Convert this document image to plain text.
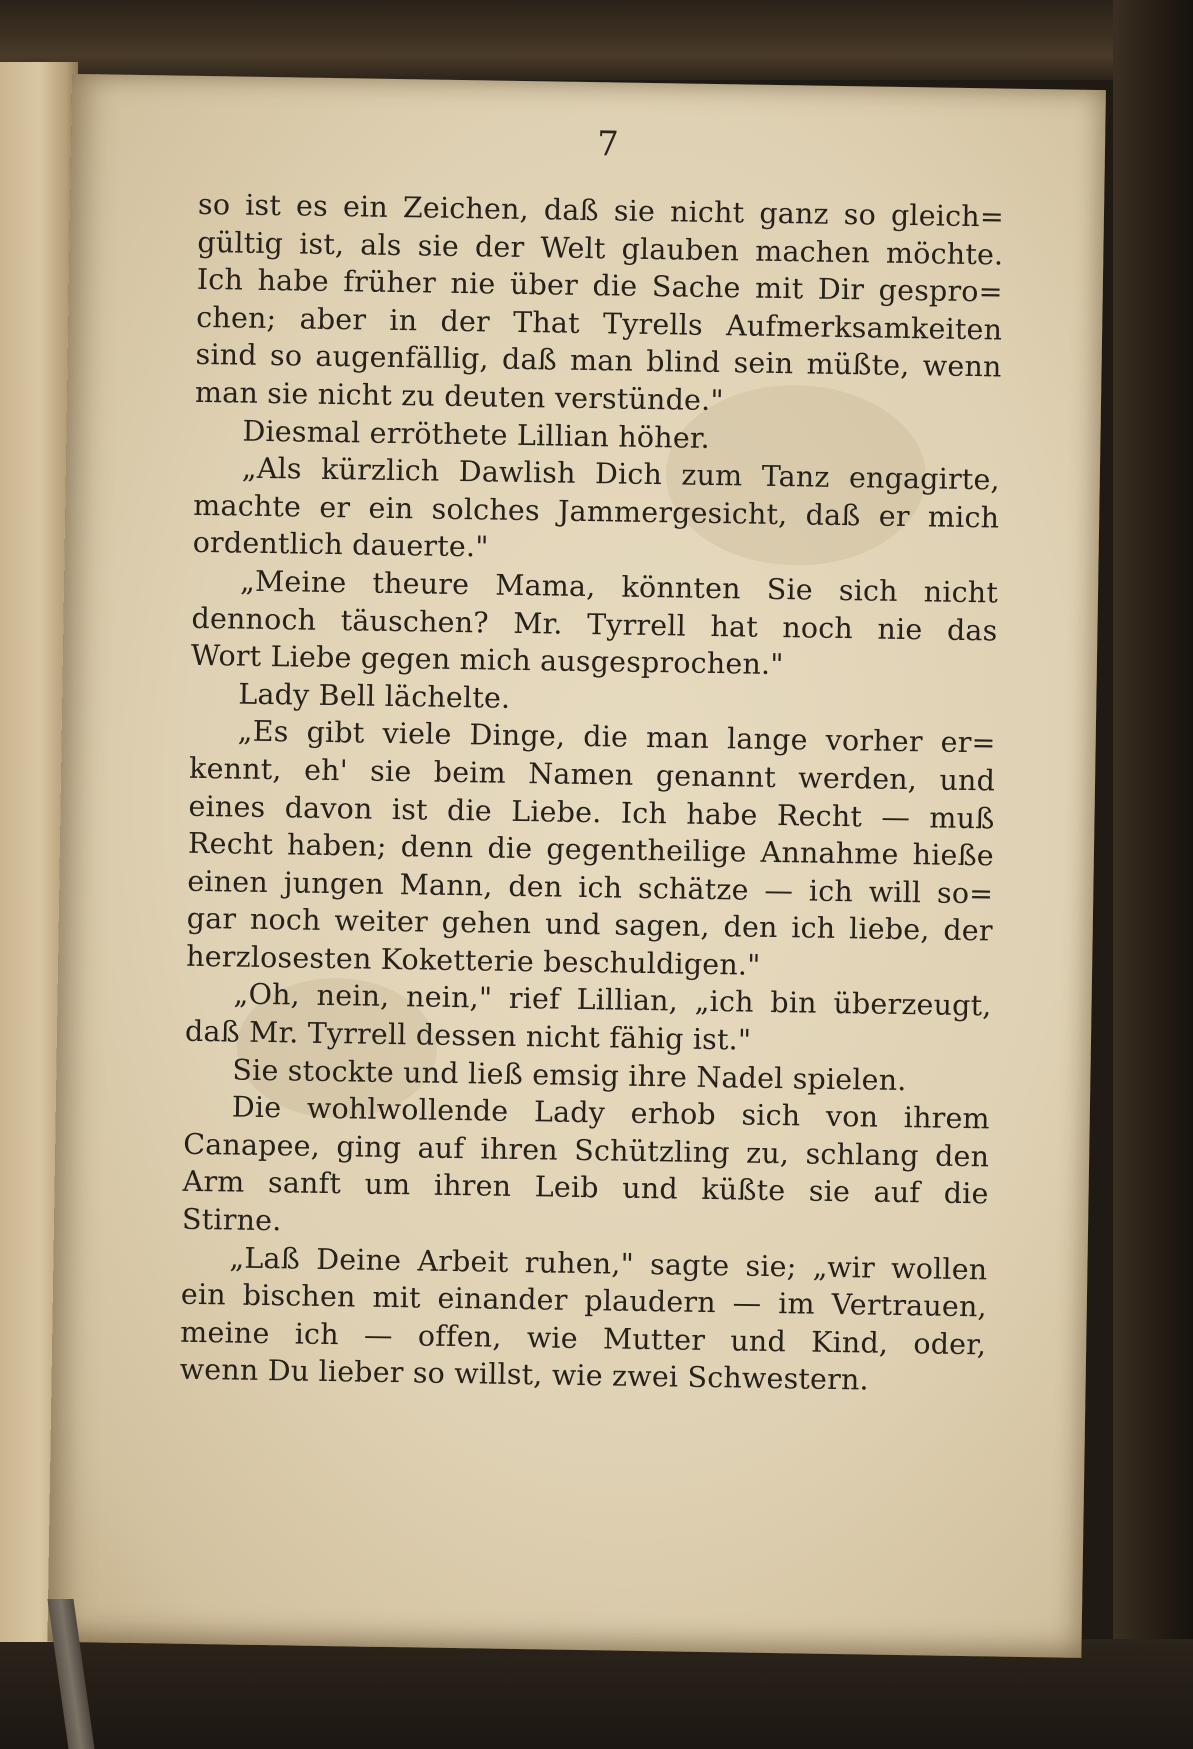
7
so ist es ein Zeichen, daß sie nicht ganz so gleich=
gültig ist, als sie der Welt glauben machen möchte.
Ich habe früher nie über die Sache mit Dir gespro=
chen; aber in der That Tyrells Aufmerksamkeiten
sind so augenfällig, daß man blind sein müßte, wenn
man sie nicht zu deuten verstünde."
Diesmal erröthete Lillian höher.
„Als kürzlich Dawlish Dich zum Tanz engagirte,
machte er ein solches Jammergesicht, daß er mich
ordentlich dauerte."
„Meine theure Mama, könnten Sie sich nicht
dennoch täuschen? Mr. Tyrrell hat noch nie das
Wort Liebe gegen mich ausgesprochen."
Lady Bell lächelte.
„Es gibt viele Dinge, die man lange vorher er=
kennt, eh' sie beim Namen genannt werden, und
eines davon ist die Liebe. Ich habe Recht — muß
Recht haben; denn die gegentheilige Annahme hieße
einen jungen Mann, den ich schätze — ich will so=
gar noch weiter gehen und sagen, den ich liebe, der
herzlosesten Koketterie beschuldigen."
„Oh, nein, nein," rief Lillian, „ich bin überzeugt,
daß Mr. Tyrrell dessen nicht fähig ist."
Sie stockte und ließ emsig ihre Nadel spielen.
Die wohlwollende Lady erhob sich von ihrem
Canapee, ging auf ihren Schützling zu, schlang den
Arm sanft um ihren Leib und küßte sie auf die
Stirne.
„Laß Deine Arbeit ruhen," sagte sie; „wir wollen
ein bischen mit einander plaudern — im Vertrauen,
meine ich — offen, wie Mutter und Kind, oder,
wenn Du lieber so willst, wie zwei Schwestern.
